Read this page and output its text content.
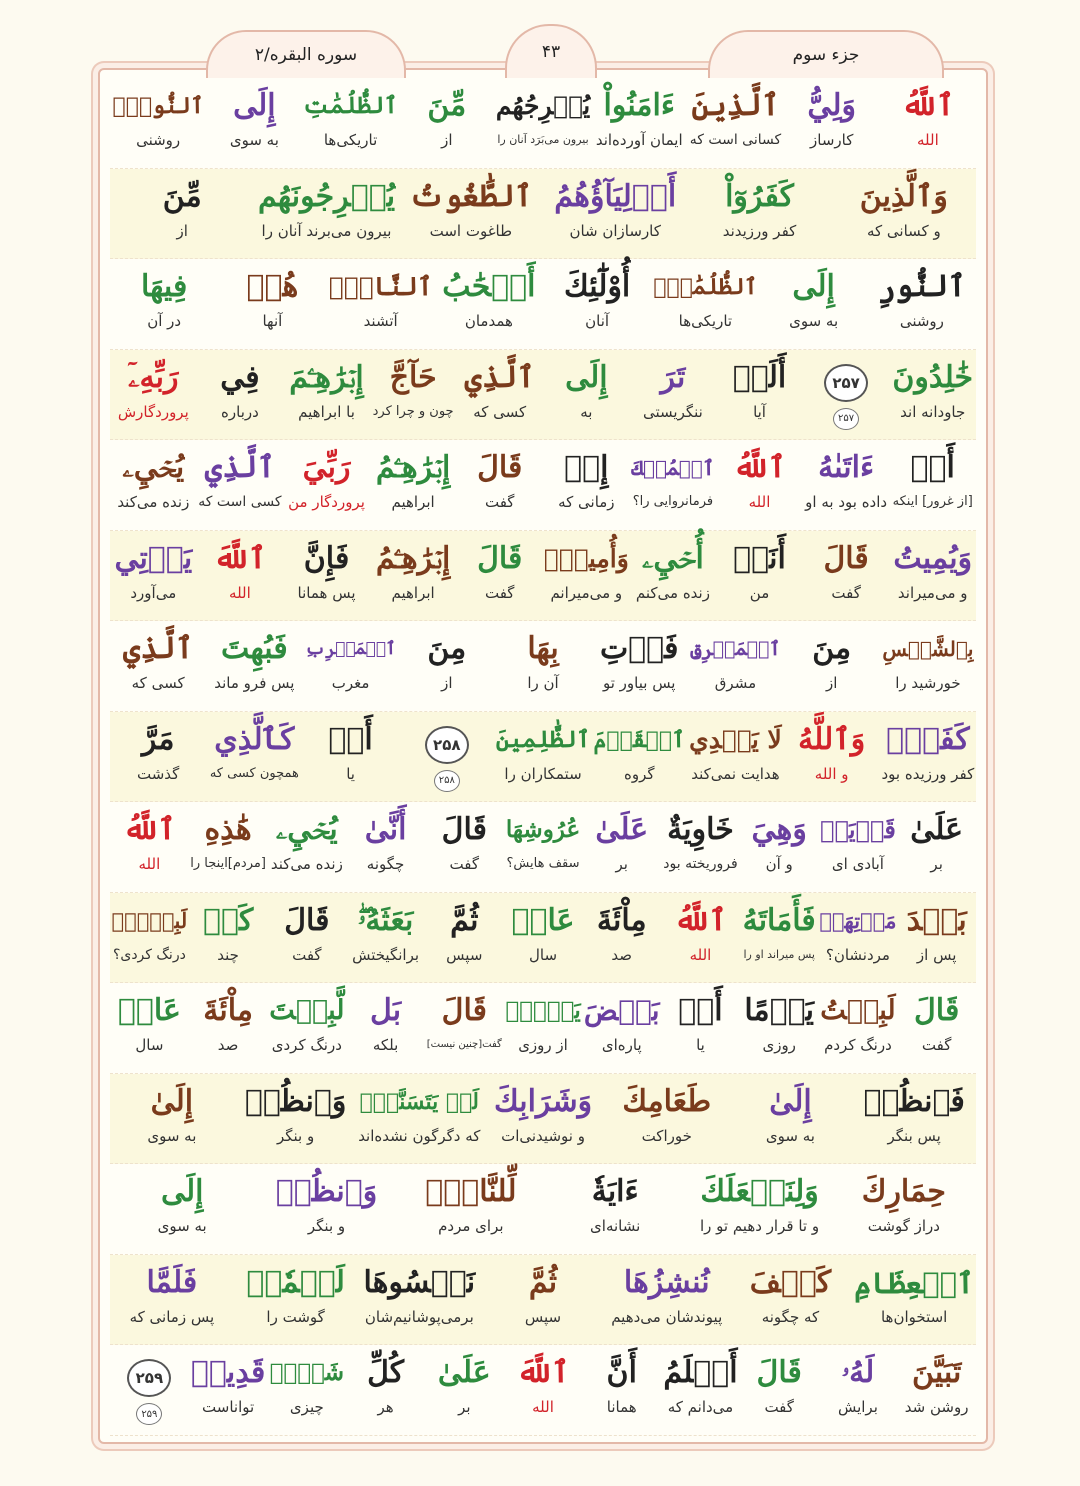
سوره البقره/۲	۴۳	جزء سوم
ٱللَّهُ
الله
وَلِيُّ
کارساز
ٱلَّذِينَ
کسانی است که
ءَامَنُواْ
ایمان آورده‌اند
يُخۡرِجُهُم
بیرون می‌بَرَد آنان را
مِّنَ
از
ٱلظُّلُمَٰتِ
تاریکی‌ها
إِلَى
به سوی
ٱلنُّورِۖ
روشنی
وَٱلَّذِينَ
و کسانی که
كَفَرُوٓاْ
کفر ورزیدند
أَوۡلِيَآؤُهُمُ
کارسازان شان
ٱلطَّٰغُوتُ
طاغوت است
يُخۡرِجُونَهُم
بیرون می‌برند آنان را
مِّنَ
از
ٱلنُّورِ
روشنی
إِلَى
به سوی
ٱلظُّلُمَٰتِۗ
تاریکی‌ها
أُوْلَٰٓئِكَ
آنان
أَصۡحَٰبُ
همدمان
ٱلنَّارِۖ
آتشند
هُمۡ
آنها
فِيهَا
در آن
خَٰلِدُونَ
جاودانه اند
۲۵۷
۲۵۷
أَلَمۡ
آیا
تَرَ
ننگریستی
إِلَى
به
ٱلَّذِي
کسی که
حَآجَّ
چون و چرا کرد
إِبۡرَٰهِـۧمَ
با ابراهیم
فِي
درباره
رَبِّهِۦٓ
پروردگارش
أَنۡ
[از غرور] اینکه
ءَاتَىٰهُ
داده بود به او
ٱللَّهُ
الله
ٱلۡمُلۡكَ
فرمانروایی را؟
إِذۡ
زمانی که
قَالَ
گفت
إِبۡرَٰهِـۧمُ
ابراهیم
رَبِّيَ
پروردگار من
ٱلَّذِي
کسی است که
يُحۡيِۦ
زنده می‌کند
وَيُمِيتُ
و می‌میراند
قَالَ
گفت
أَنَا۠
من
أُحۡيِۦ
زنده می‌کنم
وَأُمِيتُۖ
و می‌میرانم
قَالَ
گفت
إِبۡرَٰهِـۧمُ
ابراهیم
فَإِنَّ
پس همانا
ٱللَّهَ
الله
يَأۡتِي
می‌آورد
بِٱلشَّمۡسِ
خورشید را
مِنَ
از
ٱلۡمَشۡرِقِ
مشرق
فَأۡتِ
پس بیاور تو
بِهَا
آن را
مِنَ
از
ٱلۡمَغۡرِبِ
مغرب
فَبُهِتَ
پس فرو ماند
ٱلَّذِي
کسی که
كَفَرَۗ
کفر ورزیده بود
وَٱللَّهُ
و الله
لَا يَهۡدِي
هدایت نمی‌کند
ٱلۡقَوۡمَ
گروه
ٱلظَّٰلِمِينَ
ستمکاران را
۲۵۸
۲۵۸
أَوۡ
یا
كَٱلَّذِي
همچون کسی که
مَرَّ
گذشت
عَلَىٰ
بر
قَرۡيَةٖ
آبادی ای
وَهِيَ
و آن
خَاوِيَةٌ
فروریخته بود
عَلَىٰ
بر
عُرُوشِهَا
سقف هایش؟
قَالَ
گفت
أَنَّىٰ
چگونه
يُحۡيِۦ
زنده می‌کند
هَٰذِهِ
[مردم]اینجا را
ٱللَّهُ
الله
بَعۡدَ
پس از
مَوۡتِهَاۖ
مردنشان؟
فَأَمَاتَهُ
پس میراند او را
ٱللَّهُ
الله
مِاْئَةَ
صد
عَامٖ
سال
ثُمَّ
سپس
بَعَثَهُۥۖ
برانگیختش
قَالَ
گفت
كَمۡ
چند
لَبِثۡتَۖ
درنگ کردی؟
قَالَ
گفت
لَبِثۡتُ
درنگ کردم
يَوۡمًا
روزی
أَوۡ
یا
بَعۡضَ
پاره‌ای
يَوۡمٖۖ
از روزی
قَالَ
گفت[چنین نیست]
بَل
بلکه
لَّبِثۡتَ
درنگ کردی
مِاْئَةَ
صد
عَامٖ
سال
فَٱنظُرۡ
پس بنگر
إِلَىٰ
به سوی
طَعَامِكَ
خوراکت
وَشَرَابِكَ
و نوشیدنی‌ات
لَمۡ يَتَسَنَّهۡۖ
که دگرگون نشده‌اند
وَٱنظُرۡ
و بنگر
إِلَىٰ
به سوی
حِمَارِكَ
دراز گوشت
وَلِنَجۡعَلَكَ
و تا قرار دهیم تو را
ءَايَةٗ
نشانه‌ای
لِّلنَّاسِۖ
برای مردم
وَٱنظُرۡ
و بنگر
إِلَى
به سوی
ٱلۡعِظَامِ
استخوان‌ها
كَيۡفَ
که چگونه
نُنشِزُهَا
پیوندشان می‌دهیم
ثُمَّ
سپس
نَكۡسُوهَا
برمی‌پوشانیم‌شان
لَحۡمٗاۚ
گوشت را
فَلَمَّا
پس زمانی که
تَبَيَّنَ
روشن شد
لَهُۥ
برایش
قَالَ
گفت
أَعۡلَمُ
می‌دانم که
أَنَّ
همانا
ٱللَّهَ
الله
عَلَىٰ
بر
كُلِّ
هر
شَيۡءٖ
چیزی
قَدِيرٞ
تواناست
۲۵۹
۲۵۹
